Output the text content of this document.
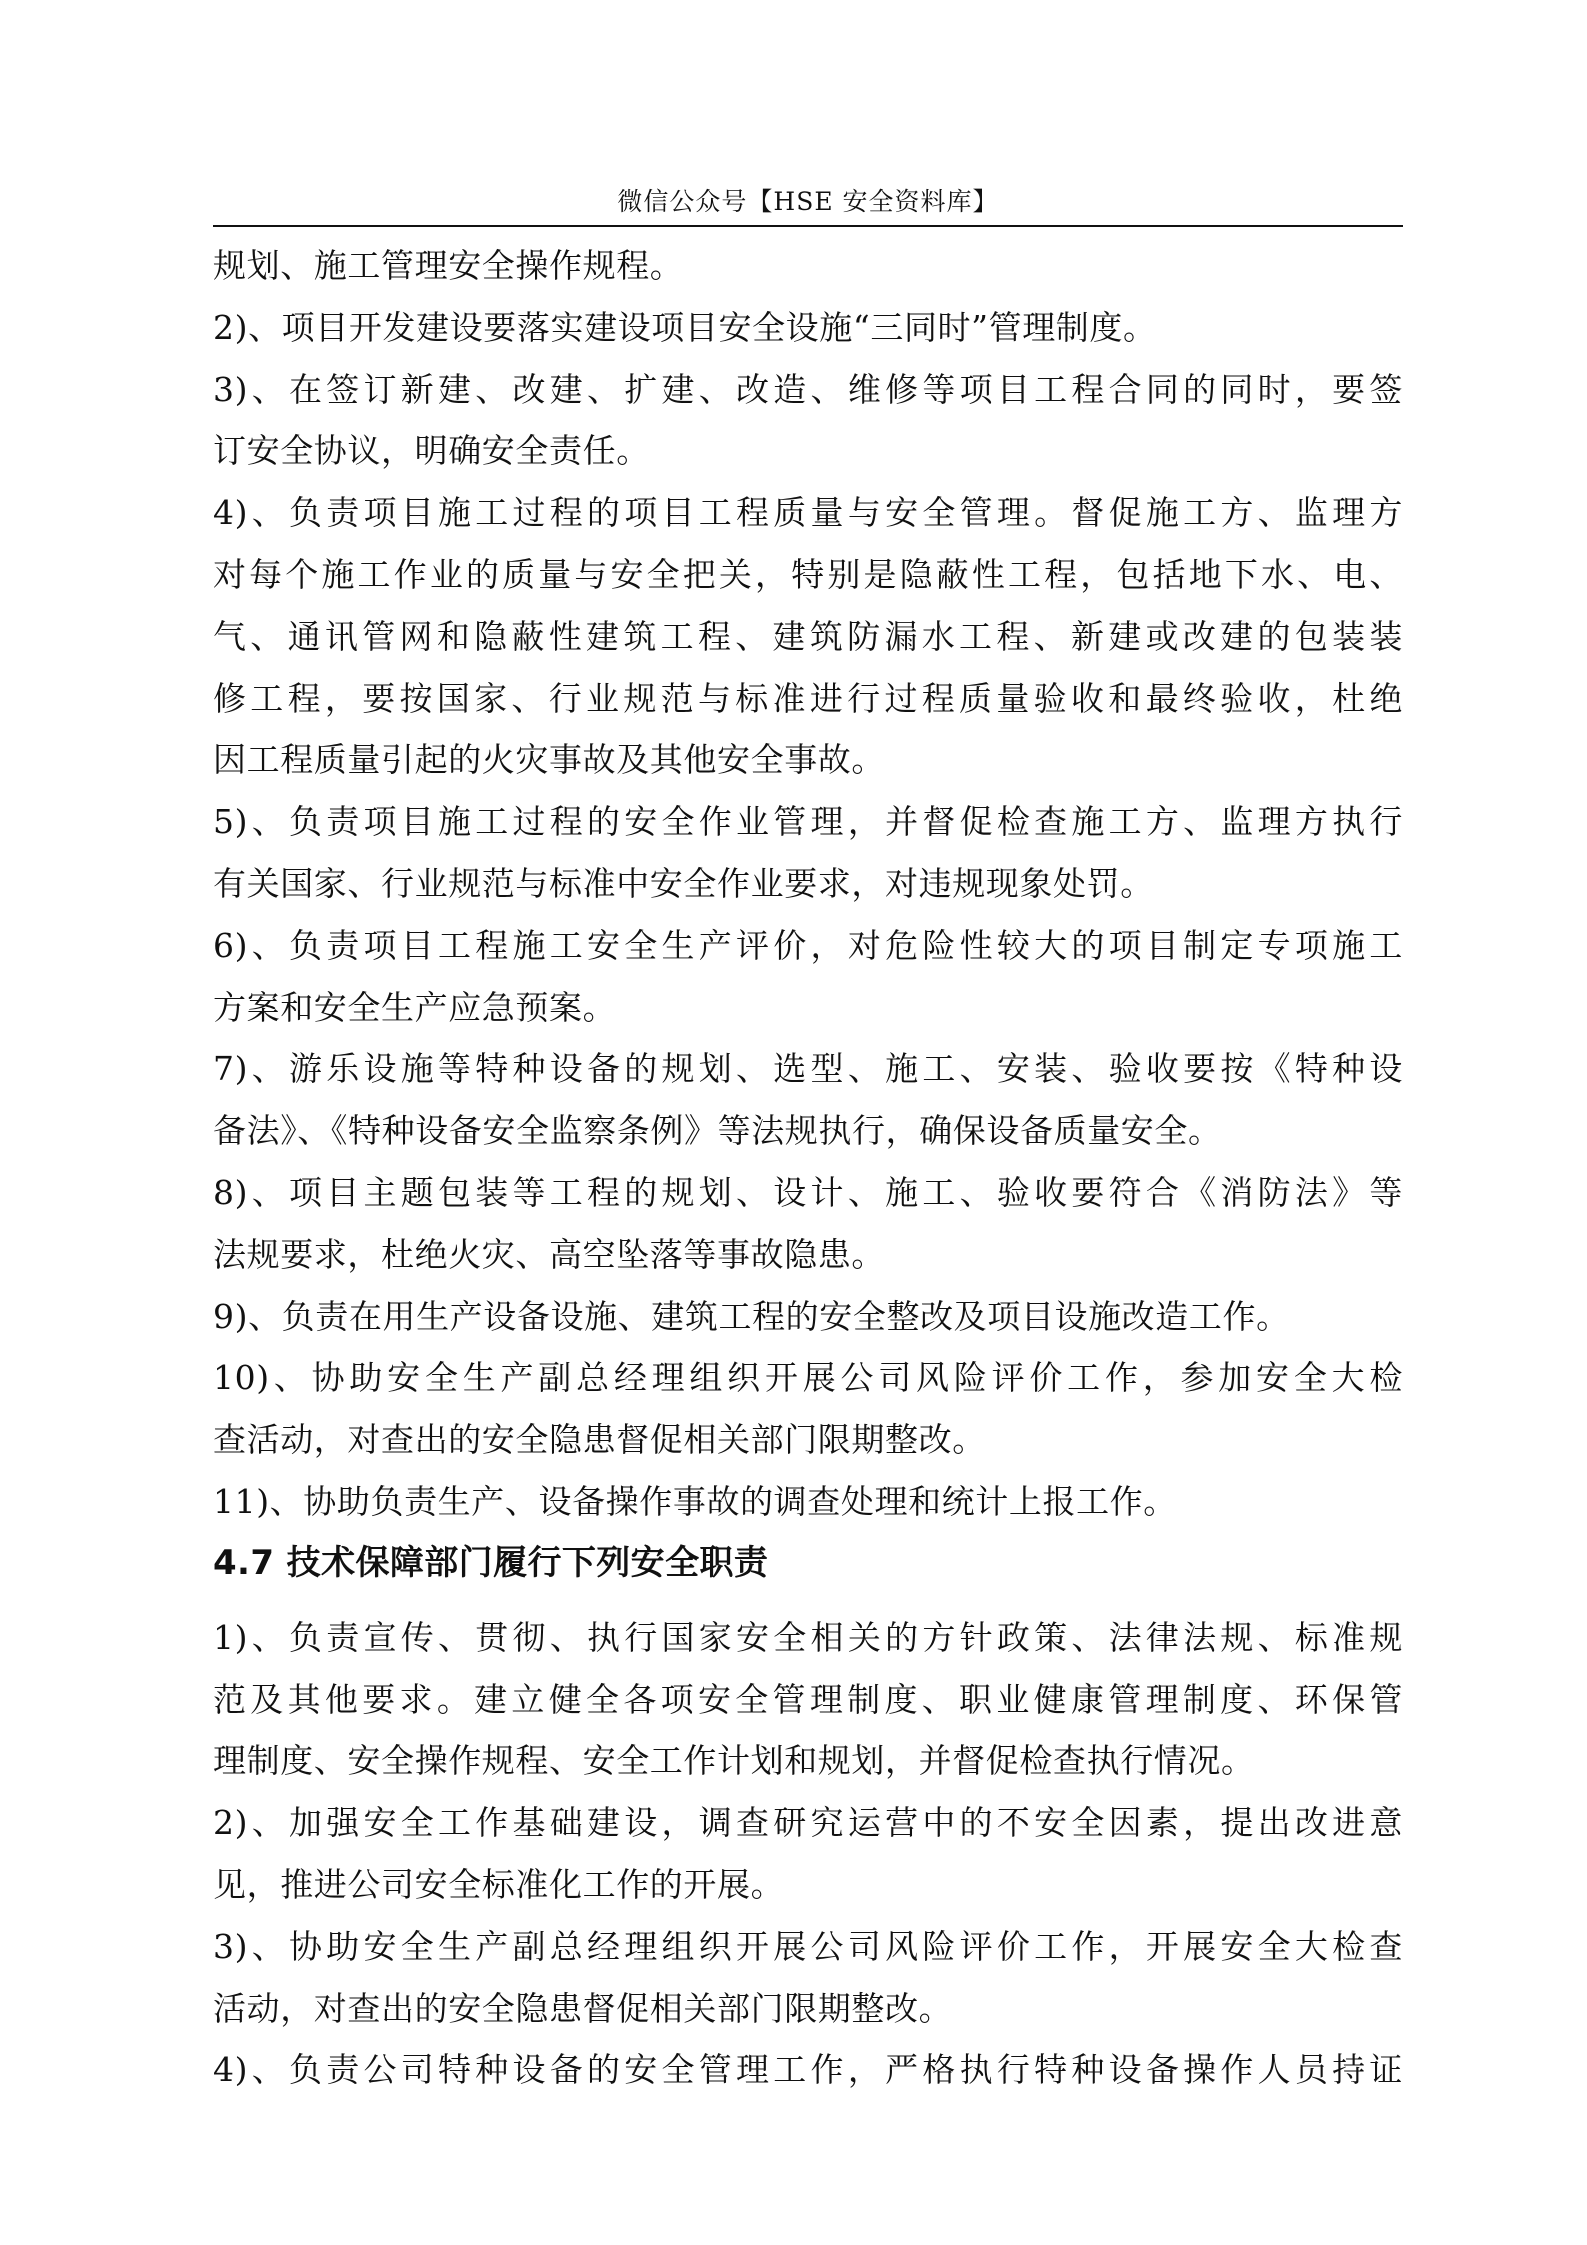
微信公众号【HSE 安全资料库】
规划、施工管理安全操作规程。
2)、项目开发建设要落实建设项目安全设施“三同时”管理制度。
3)、在签订新建、改建、扩建、改造、维修等项目工程合同的同时，要签
订安全协议，明确安全责任。
4)、负责项目施工过程的项目工程质量与安全管理。督促施工方、监理方
对每个施工作业的质量与安全把关，特别是隐蔽性工程，包括地下水、电、
气、通讯管网和隐蔽性建筑工程、建筑防漏水工程、新建或改建的包装装
修工程，要按国家、行业规范与标准进行过程质量验收和最终验收，杜绝
因工程质量引起的火灾事故及其他安全事故。
5)、负责项目施工过程的安全作业管理，并督促检查施工方、监理方执行
有关国家、行业规范与标准中安全作业要求，对违规现象处罚。
6)、负责项目工程施工安全生产评价，对危险性较大的项目制定专项施工
方案和安全生产应急预案。
7)、游乐设施等特种设备的规划、选型、施工、安装、验收要按《特种设
备法》、《特种设备安全监察条例》等法规执行，确保设备质量安全。
8)、项目主题包装等工程的规划、设计、施工、验收要符合《消防法》等
法规要求，杜绝火灾、高空坠落等事故隐患。
9)、负责在用生产设备设施、建筑工程的安全整改及项目设施改造工作。
10)、协助安全生产副总经理组织开展公司风险评价工作，参加安全大检
查活动，对查出的安全隐患督促相关部门限期整改。
11)、协助负责生产、设备操作事故的调查处理和统计上报工作。
4.7 技术保障部门履行下列安全职责
1)、负责宣传、贯彻、执行国家安全相关的方针政策、法律法规、标准规
范及其他要求。建立健全各项安全管理制度、职业健康管理制度、环保管
理制度、安全操作规程、安全工作计划和规划，并督促检查执行情况。
2)、加强安全工作基础建设，调查研究运营中的不安全因素，提出改进意
见，推进公司安全标准化工作的开展。
3)、协助安全生产副总经理组织开展公司风险评价工作，开展安全大检查
活动，对查出的安全隐患督促相关部门限期整改。
4)、负责公司特种设备的安全管理工作，严格执行特种设备操作人员持证
